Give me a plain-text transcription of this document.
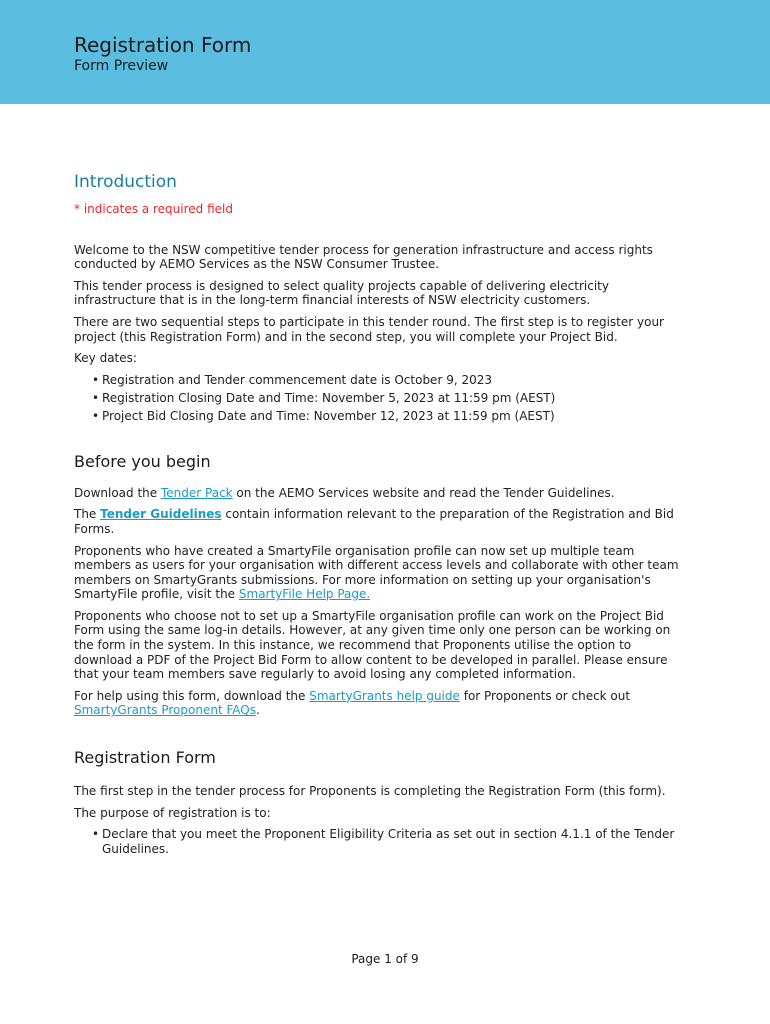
Registration Form
Form Preview
Introduction

* indicates a required field

Welcome to the NSW competitive tender process for generation infrastructure and access rights conducted by AEMO Services as the NSW Consumer Trustee.

This tender process is designed to select quality projects capable of delivering electricity infrastructure that is in the long-term financial interests of NSW electricity customers.

There are two sequential steps to participate in this tender round. The first step is to register your project (this Registration Form) and in the second step, you will complete your Project Bid.

Key dates:

• Registration and Tender commencement date is October 9, 2023
• Registration Closing Date and Time: November 5, 2023 at 11:59 pm (AEST)
• Project Bid Closing Date and Time: November 12, 2023 at 11:59 pm (AEST)
Before you begin

Download the Tender Pack on the AEMO Services website and read the Tender Guidelines.

The Tender Guidelines contain information relevant to the preparation of the Registration and Bid Forms.

Proponents who have created a SmartyFile organisation profile can now set up multiple team members as users for your organisation with different access levels and collaborate with other team members on SmartyGrants submissions. For more information on setting up your organisation's SmartyFile profile, visit the SmartyFile Help Page.

Proponents who choose not to set up a SmartyFile organisation profile can work on the Project Bid Form using the same log-in details. However, at any given time only one person can be working on the form in the system. In this instance, we recommend that Proponents utilise the option to download a PDF of the Project Bid Form to allow content to be developed in parallel. Please ensure that your team members save regularly to avoid losing any completed information.

For help using this form, download the SmartyGrants help guide for Proponents or check out SmartyGrants Proponent FAQs.

Registration Form

The first step in the tender process for Proponents is completing the Registration Form (this form).

The purpose of registration is to:

• Declare that you meet the Proponent Eligibility Criteria as set out in section 4.1.1 of the Tender Guidelines.
Page 1 of 9
